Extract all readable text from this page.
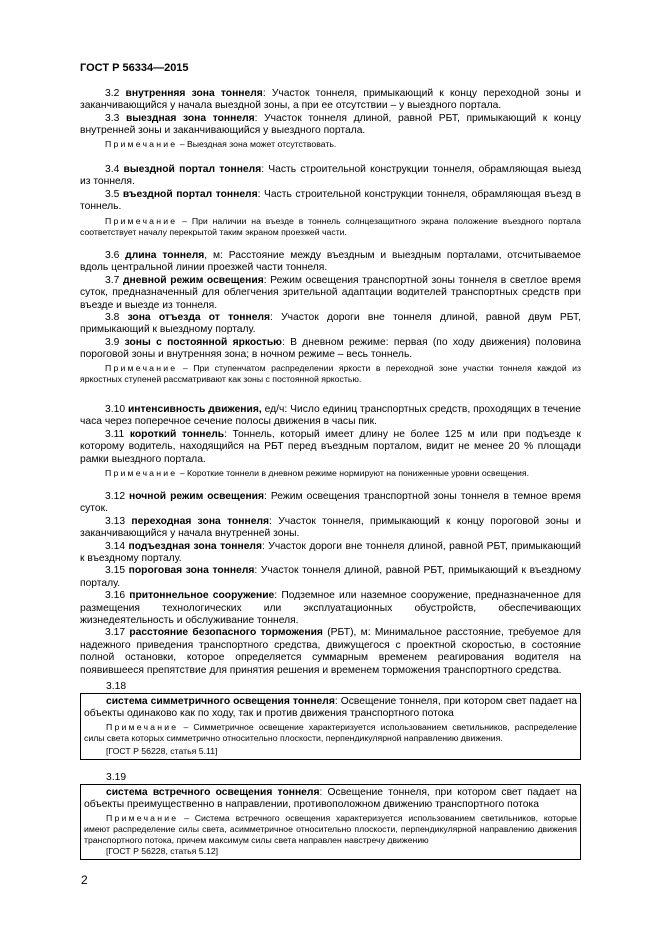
ГОСТ Р 56334—2015

3.2 внутренняя зона тоннеля: Участок тоннеля, примыкающий к концу переходной зоны и заканчивающийся у начала выездной зоны, а при ее отсутствии – у выездного портала.

3.3 выездная зона тоннеля: Участок тоннеля длиной, равной РБТ, примыкающий к концу внутренней зоны и заканчивающийся у выездного портала.

Примечание – Выездная зона может отсутствовать.

3.4 выездной портал тоннеля: Часть строительной конструкции тоннеля, обрамляющая выезд из тоннеля.

3.5 въездной портал тоннеля: Часть строительной конструкции тоннеля, обрамляющая въезд в тоннель.

Примечание – При наличии на въезде в тоннель солнцезащитного экрана положение въездного портала соответствует началу перекрытой таким экраном проезжей части.

3.6 длина тоннеля, м: Расстояние между въездным и выездным порталами, отсчитываемое вдоль центральной линии проезжей части тоннеля.

3.7 дневной режим освещения: Режим освещения транспортной зоны тоннеля в светлое время суток, предназначенный для облегчения зрительной адаптации водителей транспортных средств при въезде и выезде из тоннеля.

3.8 зона отъезда от тоннеля: Участок дороги вне тоннеля длиной, равной двум РБТ, примыкающий к выездному порталу.

3.9 зоны с постоянной яркостью: В дневном режиме: первая (по ходу движения) половина пороговой зоны и внутренняя зона; в ночном режиме – весь тоннель.

Примечание – При ступенчатом распределении яркости в переходной зоне участки тоннеля каждой из яркостных ступеней рассматривают как зоны с постоянной яркостью.

3.10 интенсивность движения, ед/ч: Число единиц транспортных средств, проходящих в течение часа через поперечное сечение полосы движения в часы пик.

3.11 короткий тоннель: Тоннель, который имеет длину не более 125 м или при подъезде к которому водитель, находящийся на РБТ перед въездным порталом, видит не менее 20 % площади рамки выездного портала.

Примечание – Короткие тоннели в дневном режиме нормируют на пониженные уровни освещения.

3.12 ночной режим освещения: Режим освещения транспортной зоны тоннеля в темное время суток.

3.13 переходная зона тоннеля: Участок тоннеля, примыкающий к концу пороговой зоны и заканчивающийся у начала внутренней зоны.

3.14 подъездная зона тоннеля: Участок дороги вне тоннеля длиной, равной РБТ, примыкающий к въездному порталу.

3.15 пороговая зона тоннеля: Участок тоннеля длиной, равной РБТ, примыкающий к въездному порталу.

3.16 притоннельное сооружение: Подземное или наземное сооружение, предназначенное для размещения технологических или эксплуатационных обустройств, обеспечивающих жизнедеятельность и обслуживание тоннеля.

3.17 расстояние безопасного торможения (РБТ), м: Минимальное расстояние, требуемое для надежного приведения транспортного средства, движущегося с проектной скоростью, в состояние полной остановки, которое определяется суммарным временем реагирования водителя на появившееся препятствие для принятия решения и временем торможения транспортного средства.

3.18

система симметричного освещения тоннеля: Освещение тоннеля, при котором свет падает на объекты одинаково как по ходу, так и против движения транспортного потока

Примечание – Симметричное освещение характеризуется использованием светильников, распределение силы света которых симметрично относительно плоскости, перпендикулярной направлению движения.

[ГОСТ Р 56228, статья 5.11]

3.19

система встречного освещения тоннеля: Освещение тоннеля, при котором свет падает на объекты преимущественно в направлении, противоположном движению транспортного потока

Примечание – Система встречного освещения характеризуется использованием светильников, которые имеют распределение силы света, асимметричное относительно плоскости, перпендикулярной направлению движения транспортного потока, причем максимум силы света направлен навстречу движению

[ГОСТ Р 56228, статья 5.12]

2
